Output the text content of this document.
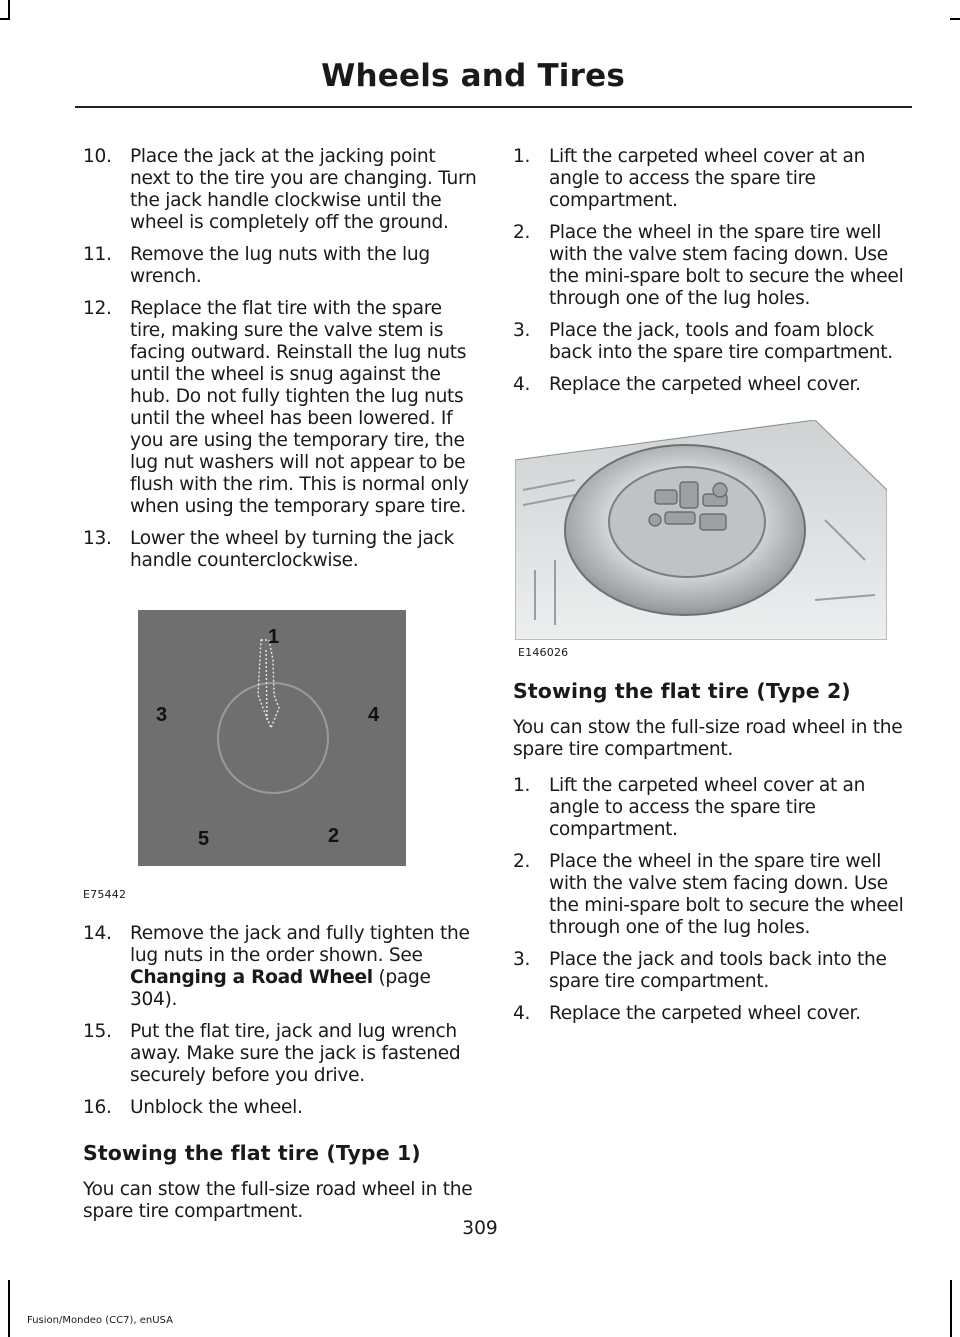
Wheels and Tires
10. Place the jack at the jacking point next to the tire you are changing. Turn the jack handle clockwise until the wheel is completely off the ground.
11. Remove the lug nuts with the lug wrench.
12. Replace the flat tire with the spare tire, making sure the valve stem is facing outward. Reinstall the lug nuts until the wheel is snug against the hub. Do not fully tighten the lug nuts until the wheel has been lowered. If you are using the temporary tire, the lug nut washers will not appear to be flush with the rim. This is normal only when using the temporary spare tire.
13. Lower the wheel by turning the jack handle counterclockwise.
1
2
3	4
5
E75442
14. Remove the jack and fully tighten the lug nuts in the order shown. See Changing a Road Wheel (page 304).
15. Put the flat tire, jack and lug wrench away. Make sure the jack is fastened securely before you drive.
16. Unblock the wheel.
Stowing the flat tire (Type 1)
You can stow the full-size road wheel in the spare tire compartment.
1. Lift the carpeted wheel cover at an angle to access the spare tire compartment.
2. Place the wheel in the spare tire well with the valve stem facing down. Use the mini-spare bolt to secure the wheel through one of the lug holes.
3. Place the jack, tools and foam block back into the spare tire compartment.
4. Replace the carpeted wheel cover.
E146026
Stowing the flat tire (Type 2)
You can stow the full-size road wheel in the spare tire compartment.
1. Lift the carpeted wheel cover at an angle to access the spare tire compartment.
2. Place the wheel in the spare tire well with the valve stem facing down. Use the mini-spare bolt to secure the wheel through one of the lug holes.
3. Place the jack and tools back into the spare tire compartment.
4. Replace the carpeted wheel cover.
309
Fusion/Mondeo (CC7), enUSA
